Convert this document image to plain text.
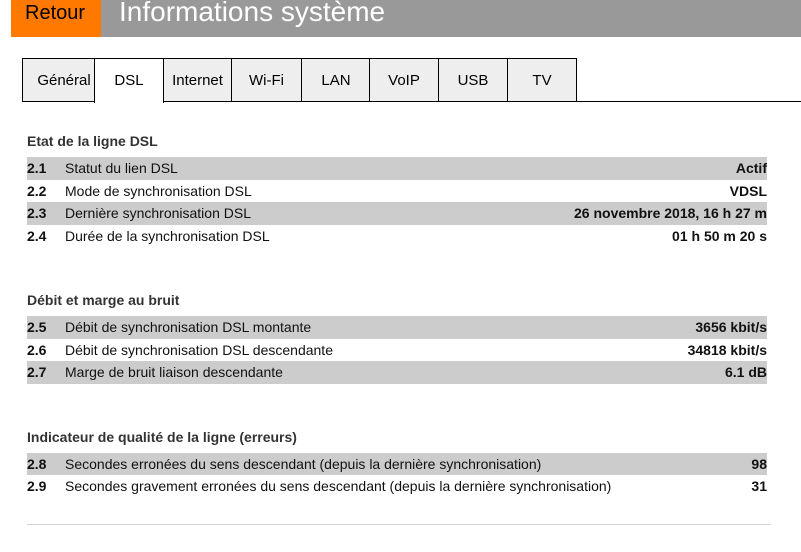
Retour	Informations système
Général	DSL	Internet	Wi-Fi	LAN	VoIP	USB	TV
Etat de la ligne DSL
2.1	Statut du lien DSL	Actif
2.2	Mode de synchronisation DSL	VDSL
2.3	Dernière synchronisation DSL	26 novembre 2018, 16 h 27 m
2.4	Durée de la synchronisation DSL	01 h 50 m 20 s
Débit et marge au bruit
2.5	Débit de synchronisation DSL montante	3656 kbit/s
2.6	Débit de synchronisation DSL descendante	34818 kbit/s
2.7	Marge de bruit liaison descendante	6.1 dB
Indicateur de qualité de la ligne (erreurs)
2.8	Secondes erronées du sens descendant (depuis la dernière synchronisation)	98
2.9	Secondes gravement erronées du sens descendant (depuis la dernière synchronisation)	31
